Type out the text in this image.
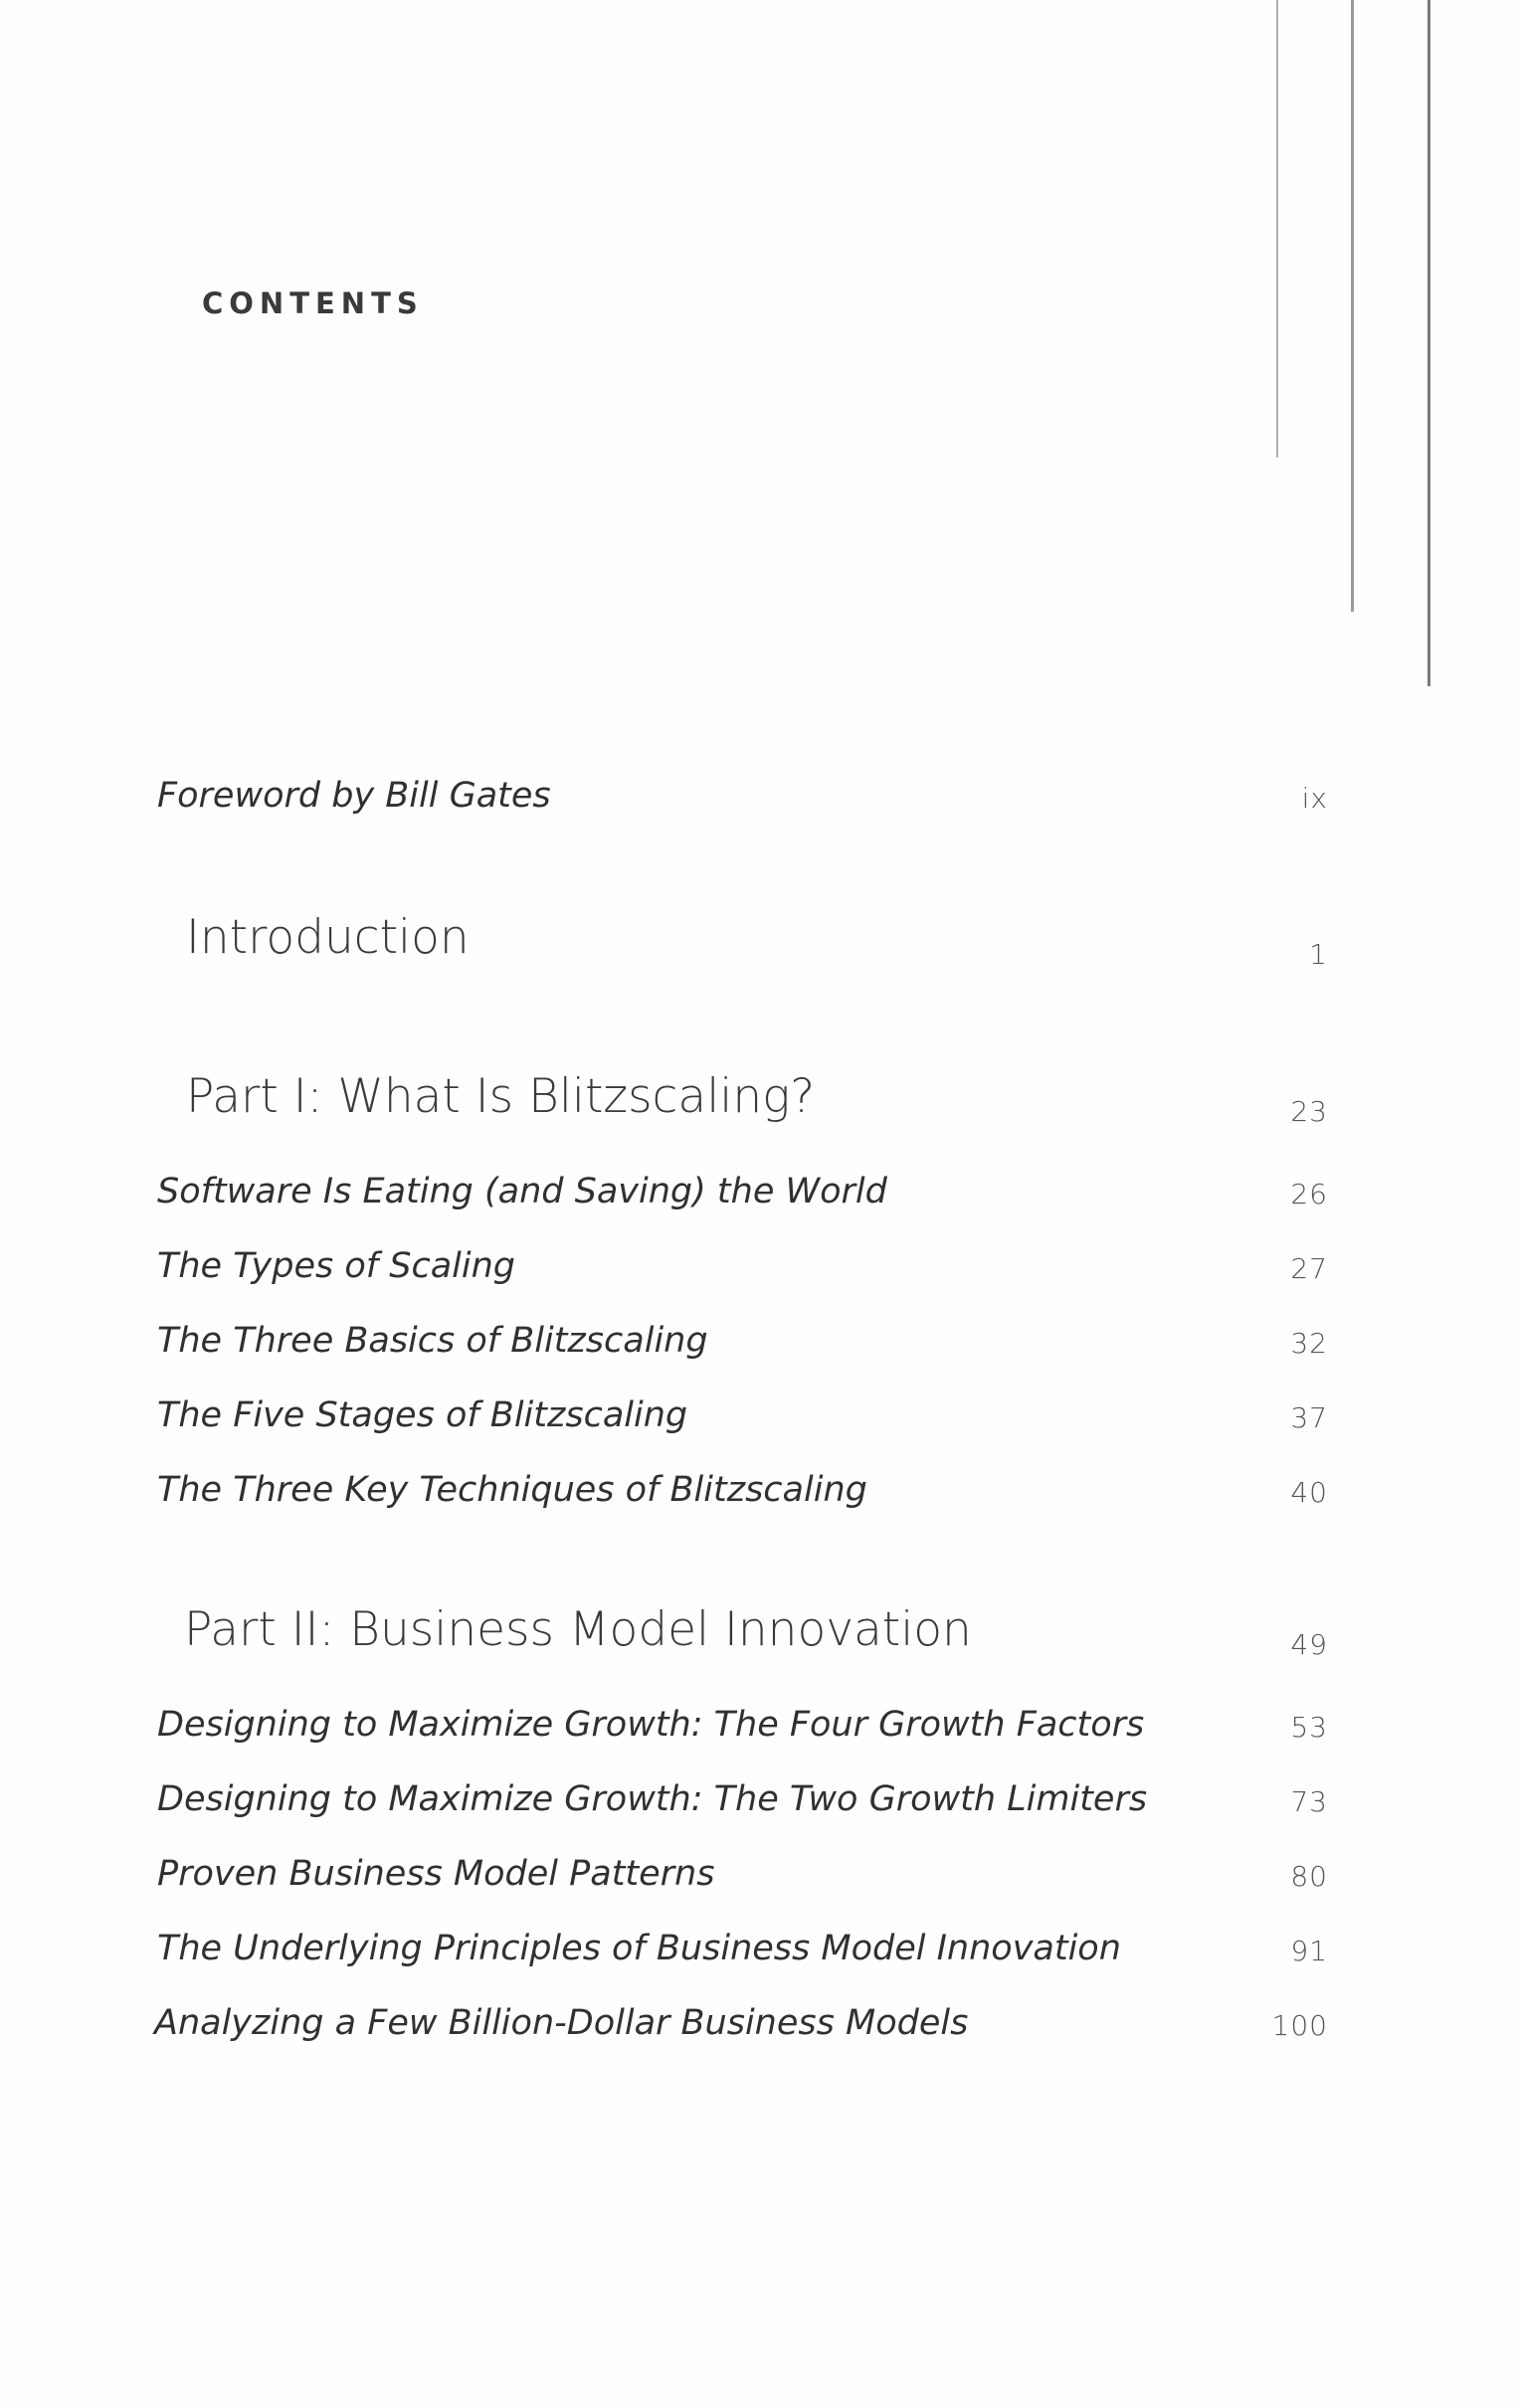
CONTENTS
Foreword by Bill Gates	ix
Introduction	1
Part I: What Is Blitzscaling?	23
Software Is Eating (and Saving) the World	26
The Types of Scaling	27
The Three Basics of Blitzscaling	32
The Five Stages of Blitzscaling	37
The Three Key Techniques of Blitzscaling	40
Part II: Business Model Innovation	49
Designing to Maximize Growth: The Four Growth Factors	53
Designing to Maximize Growth: The Two Growth Limiters	73
Proven Business Model Patterns	80
The Underlying Principles of Business Model Innovation	91
Analyzing a Few Billion-Dollar Business Models	100
